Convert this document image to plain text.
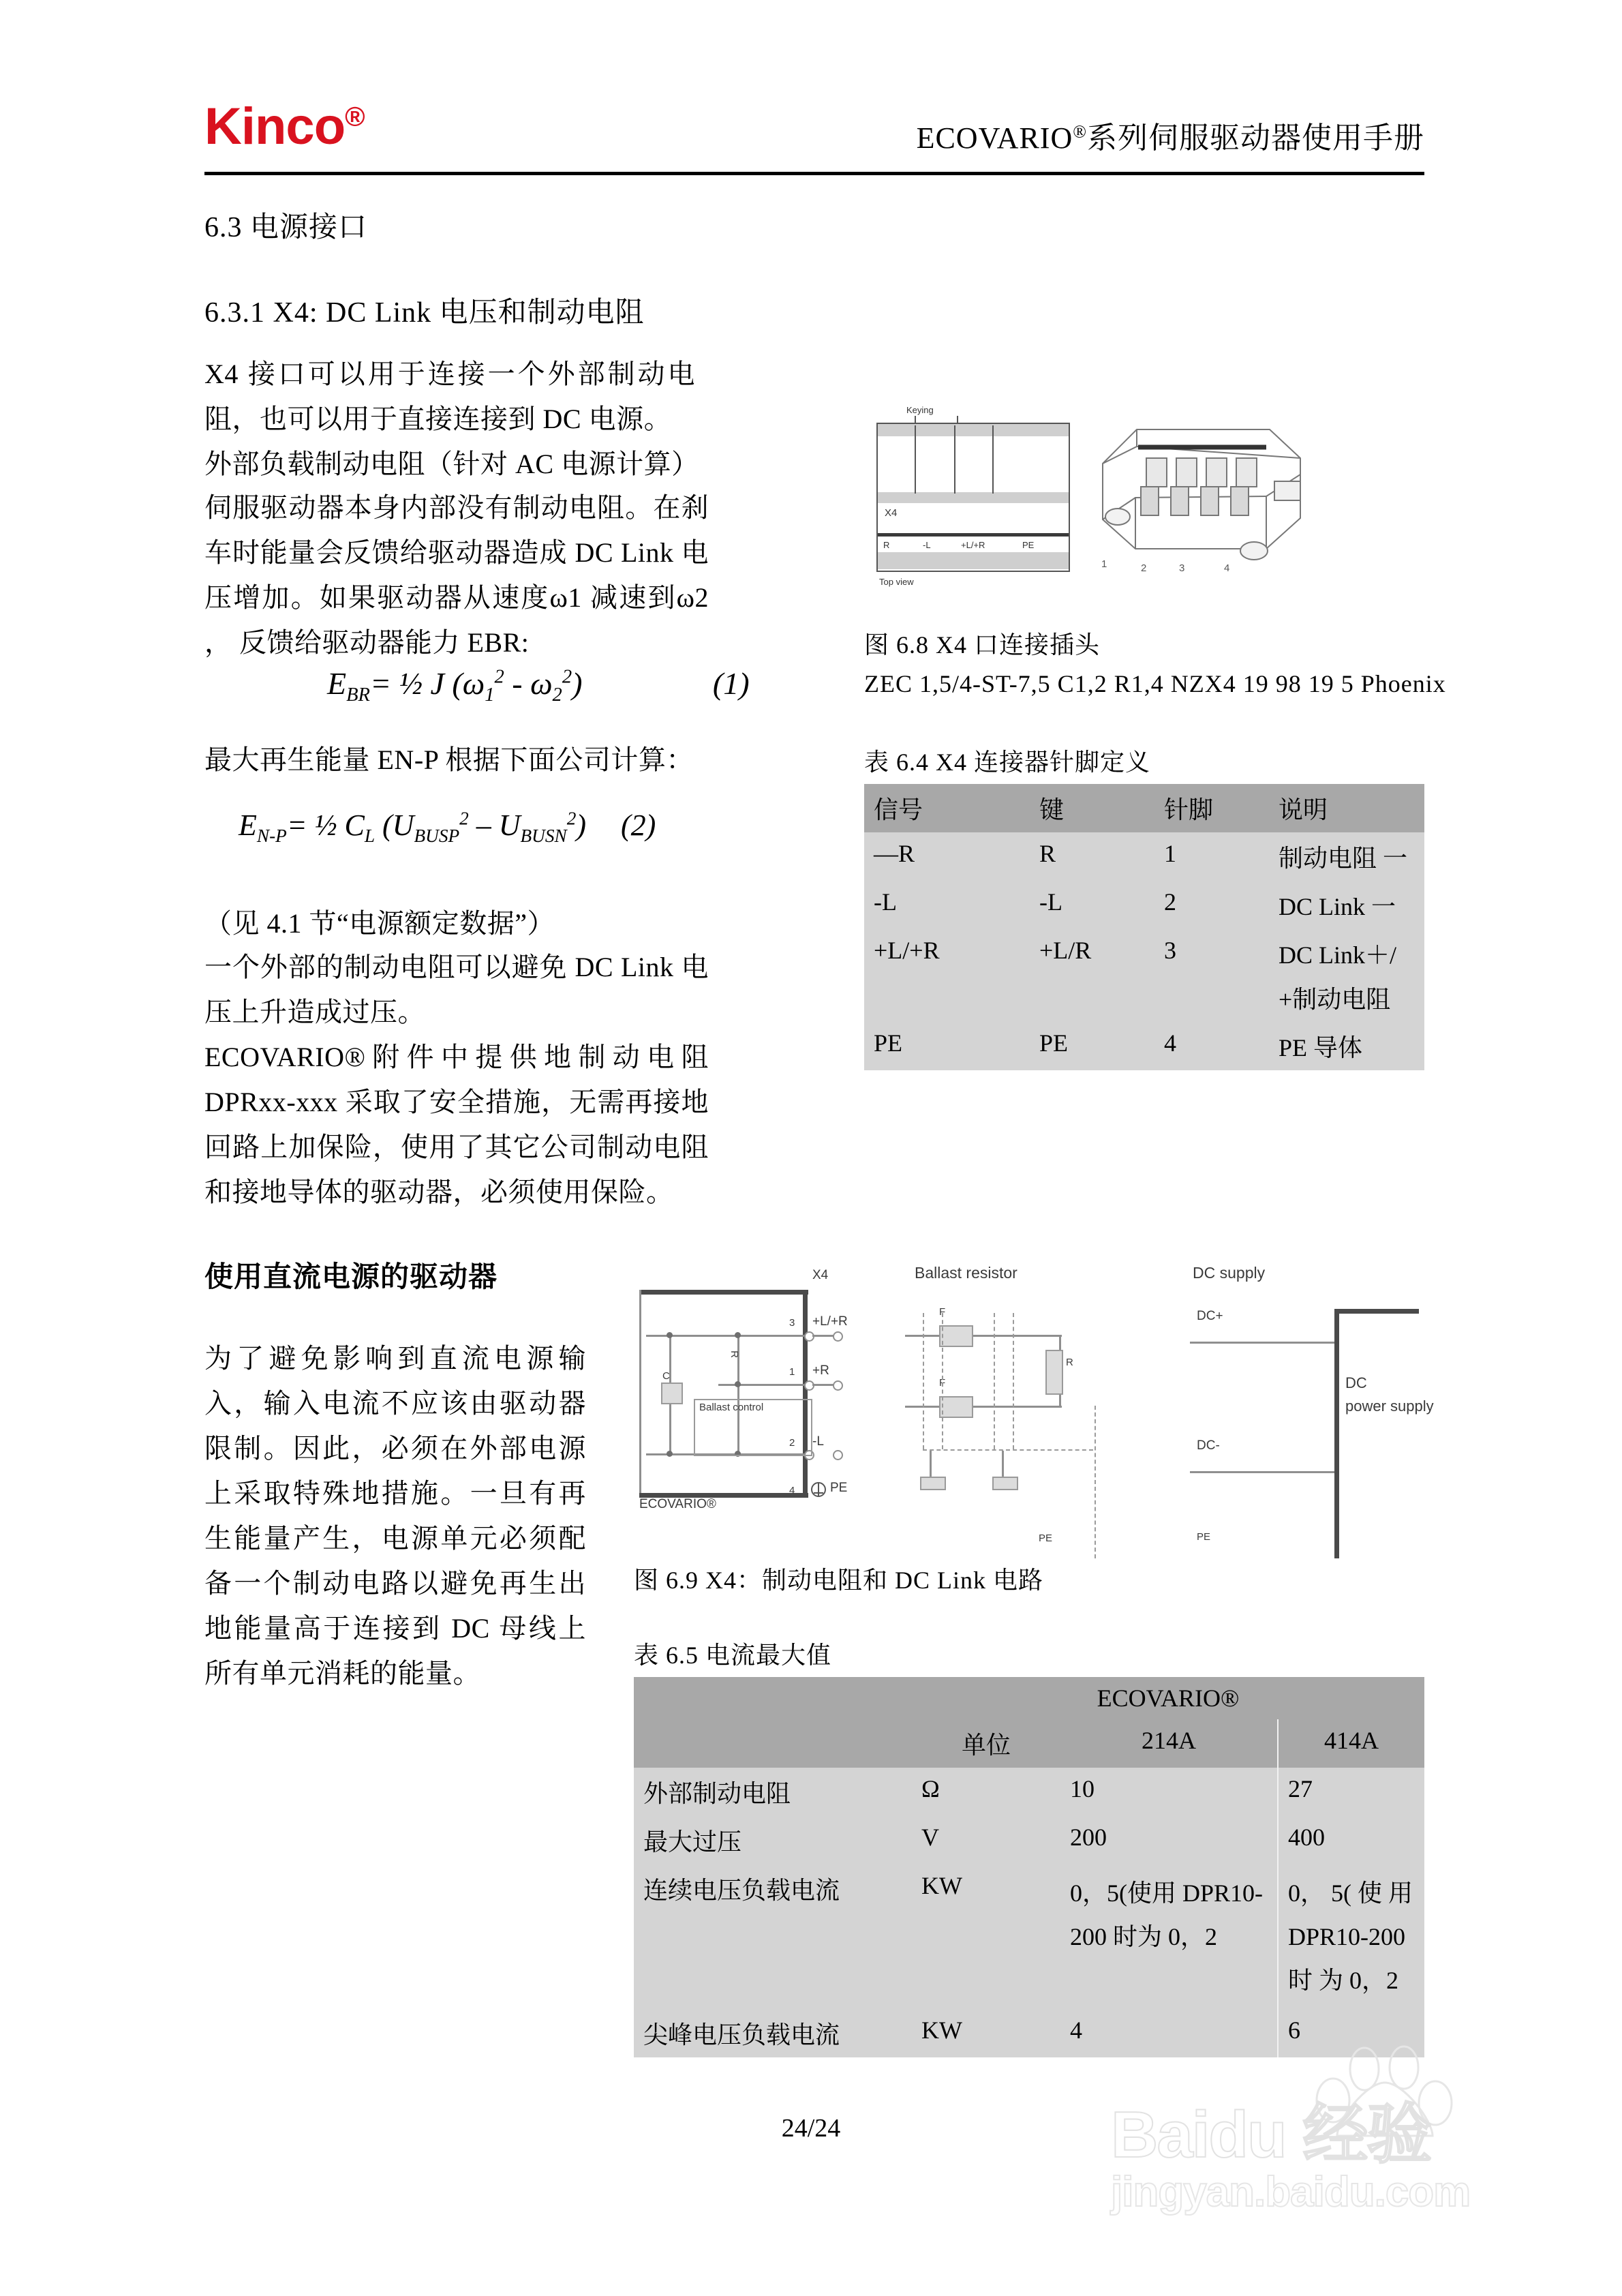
Kinco®
ECOVARIO®系列伺服驱动器使用手册
6.3 电源接口
6.3.1 X4: DC Link 电压和制动电阻

X4 接口可以用于连接一个外部制动电阻，也可以用于直接连接到 DC 电源。

外部负载制动电阻（针对 AC 电源计算）

伺服驱动器本身内部没有制动电阻。在刹车时能量会反馈给驱动器造成 DC Link 电压增加。如果驱动器从速度ω1 减速到ω2 ， 反馈给驱动器能力 EBR:

$E_{BR}=$ ½ J $(\omega_1^2 - \omega_2^2)$	(1)

最大再生能量 EN-P 根据下面公司计算：

$E_{N-P}=$ ½ $C_L$ $(U_{BUSP}^2 - U_{BUSN}^2)$ (2)

（见 4.1 节“电源额定数据”）

一个外部的制动电阻可以避免 DC Link 电压上升造成过压。

ECOVARIO®附件中提供地制动电阻 DPRxx-xxx 采取了安全措施，无需再接地回路上加保险，使用了其它公司制动电阻和接地导体的驱动器，必须使用保险。

使用直流电源的驱动器

为了避免影响到直流电源输入，输入电流不应该由驱动器限制。因此，必须在外部电源上采取特殊地措施。一旦有再生能量产生，电源单元必须配备一个制动电路以避免再生出地能量高于连接到 DC 母线上所有单元消耗的能量。

Keying
X4
R	-L	+L/+R	PE
Top view
1	2	3	4
图 6.8 X4 口连接插头
ZEC 1,5/4-ST-7,5 C1,2 R1,4 NZX4 19 98 19 5 Phoenix
表 6.4 X4 连接器针脚定义
信号	键	针脚	说明
—R	R	1	制动电阻 一
-L	-L	2	DC Link 一
+L/+R	+L/R	3	DC Link＋/
+制动电阻

PE	PE	4	PE 导体
X4
3 +L/+R
1 +R
2 -L
4	PE
C
R
Ballast control
ECOVARIO®
Ballast resistor
F
F
R
PE
DC supply
DC+
DC-
PE
DC
power supply
图 6.9 X4：制动电阻和 DC Link 电路
表 6.5 电流最大值
	ECOVARIO®		
	单位	214A	414A
外部制动电阻	Ω	10	27
最大过压	V	200	400
连续电压负载电流	KW	0，5(使用 DPR10-200 时为 0，2	0， 5( 使 用 DPR10-200 时 为 0，2
尖峰电压负载电流	KW	4	6
24/24	Baidu 经验
jingyan.baidu.com
